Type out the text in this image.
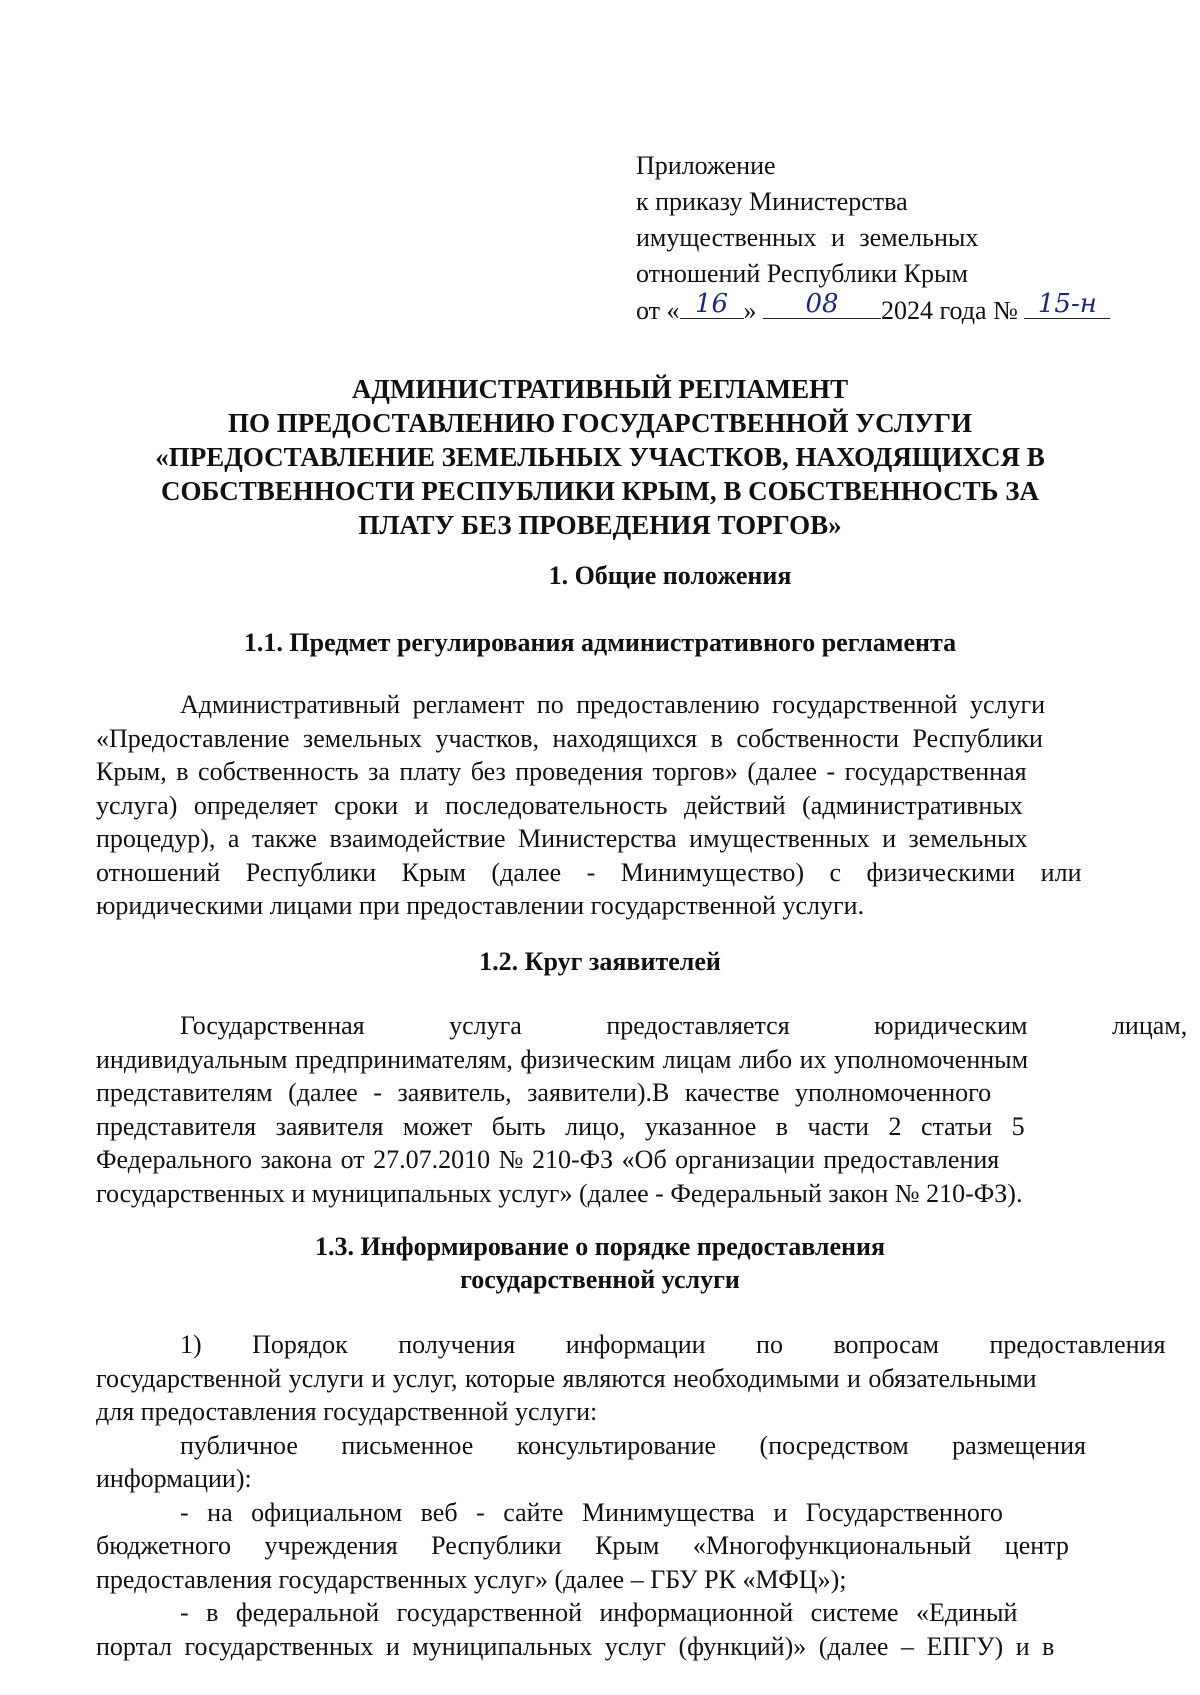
Приложение
к приказу Министерства
имущественных и земельных
отношений Республики Крым
от « 16 »	08	2024 года № 15-н
АДМИНИСТРАТИВНЫЙ РЕГЛАМЕНТ
ПО ПРЕДОСТАВЛЕНИЮ ГОСУДАРСТВЕННОЙ УСЛУГИ
«ПРЕДОСТАВЛЕНИЕ ЗЕМЕЛЬНЫХ УЧАСТКОВ, НАХОДЯЩИХСЯ В
СОБСТВЕННОСТИ РЕСПУБЛИКИ КРЫМ, В СОБСТВЕННОСТЬ ЗА
ПЛАТУ БЕЗ ПРОВЕДЕНИЯ ТОРГОВ»
1. Общие положения
1.1. Предмет регулирования административного регламента
Административный регламент по предоставлению государственной услуги
«Предоставление земельных участков, находящихся в собственности Республики
Крым, в собственность за плату без проведения торгов» (далее - государственная
услуга) определяет сроки и последовательность действий (административных
процедур), а также взаимодействие Министерства имущественных и земельных
отношений Республики Крым (далее - Минимущество) с физическими или
юридическими лицами при предоставлении государственной услуги.
1.2. Круг заявителей
Государственная услуга предоставляется юридическим лицам,
индивидуальным предпринимателям, физическим лицам либо их уполномоченным
представителям (далее - заявитель, заявители).В качестве уполномоченного
представителя заявителя может быть лицо, указанное в части 2 статьи 5
Федерального закона от 27.07.2010 № 210-ФЗ «Об организации предоставления
государственных и муниципальных услуг» (далее - Федеральный закон № 210-ФЗ).
1.3. Информирование о порядке предоставления
государственной услуги
1) Порядок получения информации по вопросам предоставления
государственной услуги и услуг, которые являются необходимыми и обязательными
для предоставления государственной услуги:
публичное письменное консультирование (посредством размещения
информации):
- на официальном веб - сайте Минимущества и Государственного
бюджетного учреждения Республики Крым «Многофункциональный центр
предоставления государственных услуг» (далее – ГБУ РК «МФЦ»);
- в федеральной государственной информационной системе «Единый
портал государственных и муниципальных услуг (функций)» (далее – ЕПГУ) и в
